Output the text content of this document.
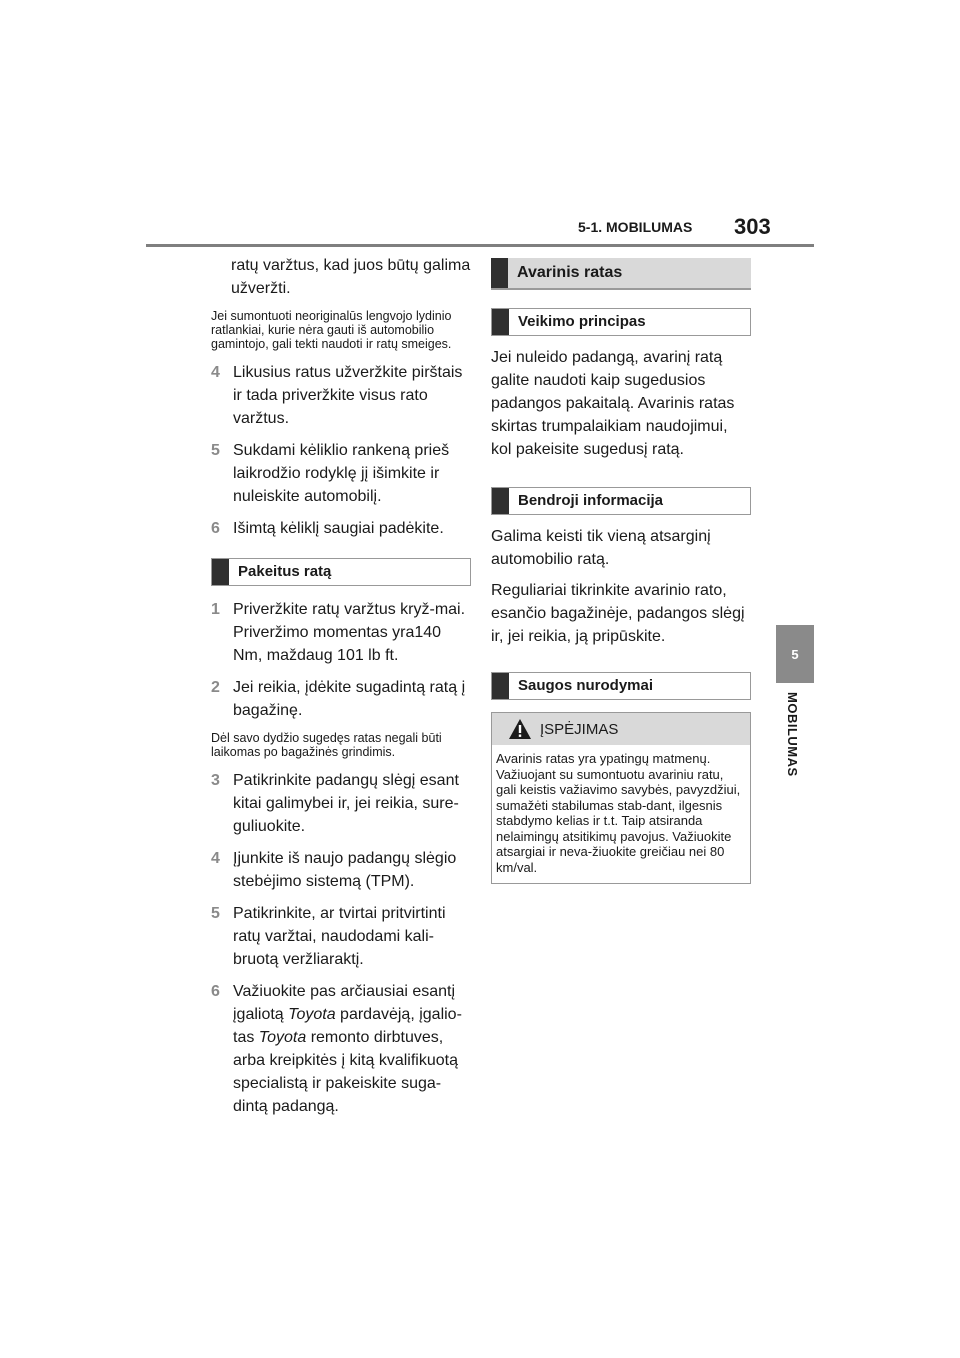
5-1. MOBILUMAS 303
5
MOBILUMAS

ratų varžtus, kad juos būtų galima užveržti.

Jei sumontuoti neoriginalūs lengvojo lydinio ratlankiai, kurie nėra gauti iš automobilio gamintojo, gali tekti naudoti ir ratų smeiges.

4 Likusius ratus užveržkite pirštais ir tada priveržkite visus rato varžtus.
5 Sukdami kėliklio rankeną prieš laikrodžio rodyklę jį išimkite ir nuleiskite automobilį.
6 Išimtą kėliklį saugiai padėkite.
Pakeitus ratą
1 Priveržkite ratų varžtus kryž-mai. Priveržimo momentas yra140 Nm, maždaug 101 lb ft.
2 Jei reikia, įdėkite sugadintą ratą į bagažinę.

Dėl savo dydžio sugedęs ratas negali būti laikomas po bagažinės grindimis.

3 Patikrinkite padangų slėgį esant kitai galimybei ir, jei reikia, sure-guliuokite.
4 Įjunkite iš naujo padangų slėgio stebėjimo sistemą (TPM).
5 Patikrinkite, ar tvirtai pritvirtinti ratų varžtai, naudodami kali-bruotą veržliaraktį.
6 Važiuokite pas arčiausiai esantį įgaliotą Toyota pardavėją, įgalio-tas Toyota remonto dirbtuves, arba kreipkitės į kitą kvalifikuotą specialistą ir pakeiskite suga-dintą padangą.
Avarinis ratas
Veikimo principas

Jei nuleido padangą, avarinį ratą galite naudoti kaip sugedusios padangos pakaitalą. Avarinis ratas skirtas trumpalaikiam naudojimui, kol pakeisite sugedusį ratą.

Bendroji informacija

Galima keisti tik vieną atsarginį automobilio ratą.

Reguliariai tikrinkite avarinio rato, esančio bagažinėje, padangos slėgį ir, jei reikia, ją pripūskite.

Saugos nurodymai
ĮSPĖJIMAS
Avarinis ratas yra ypatingų matmenų. Važiuojant su sumontuotu avariniu ratu, gali keistis važiavimo savybės, pavyzdžiui, sumažėti stabilumas stab-dant, ilgesnis stabdymo kelias ir t.t. Taip atsiranda nelaimingų atsitikimų pavojus. Važiuokite atsargiai ir neva-žiuokite greičiau nei 80 km/val.
